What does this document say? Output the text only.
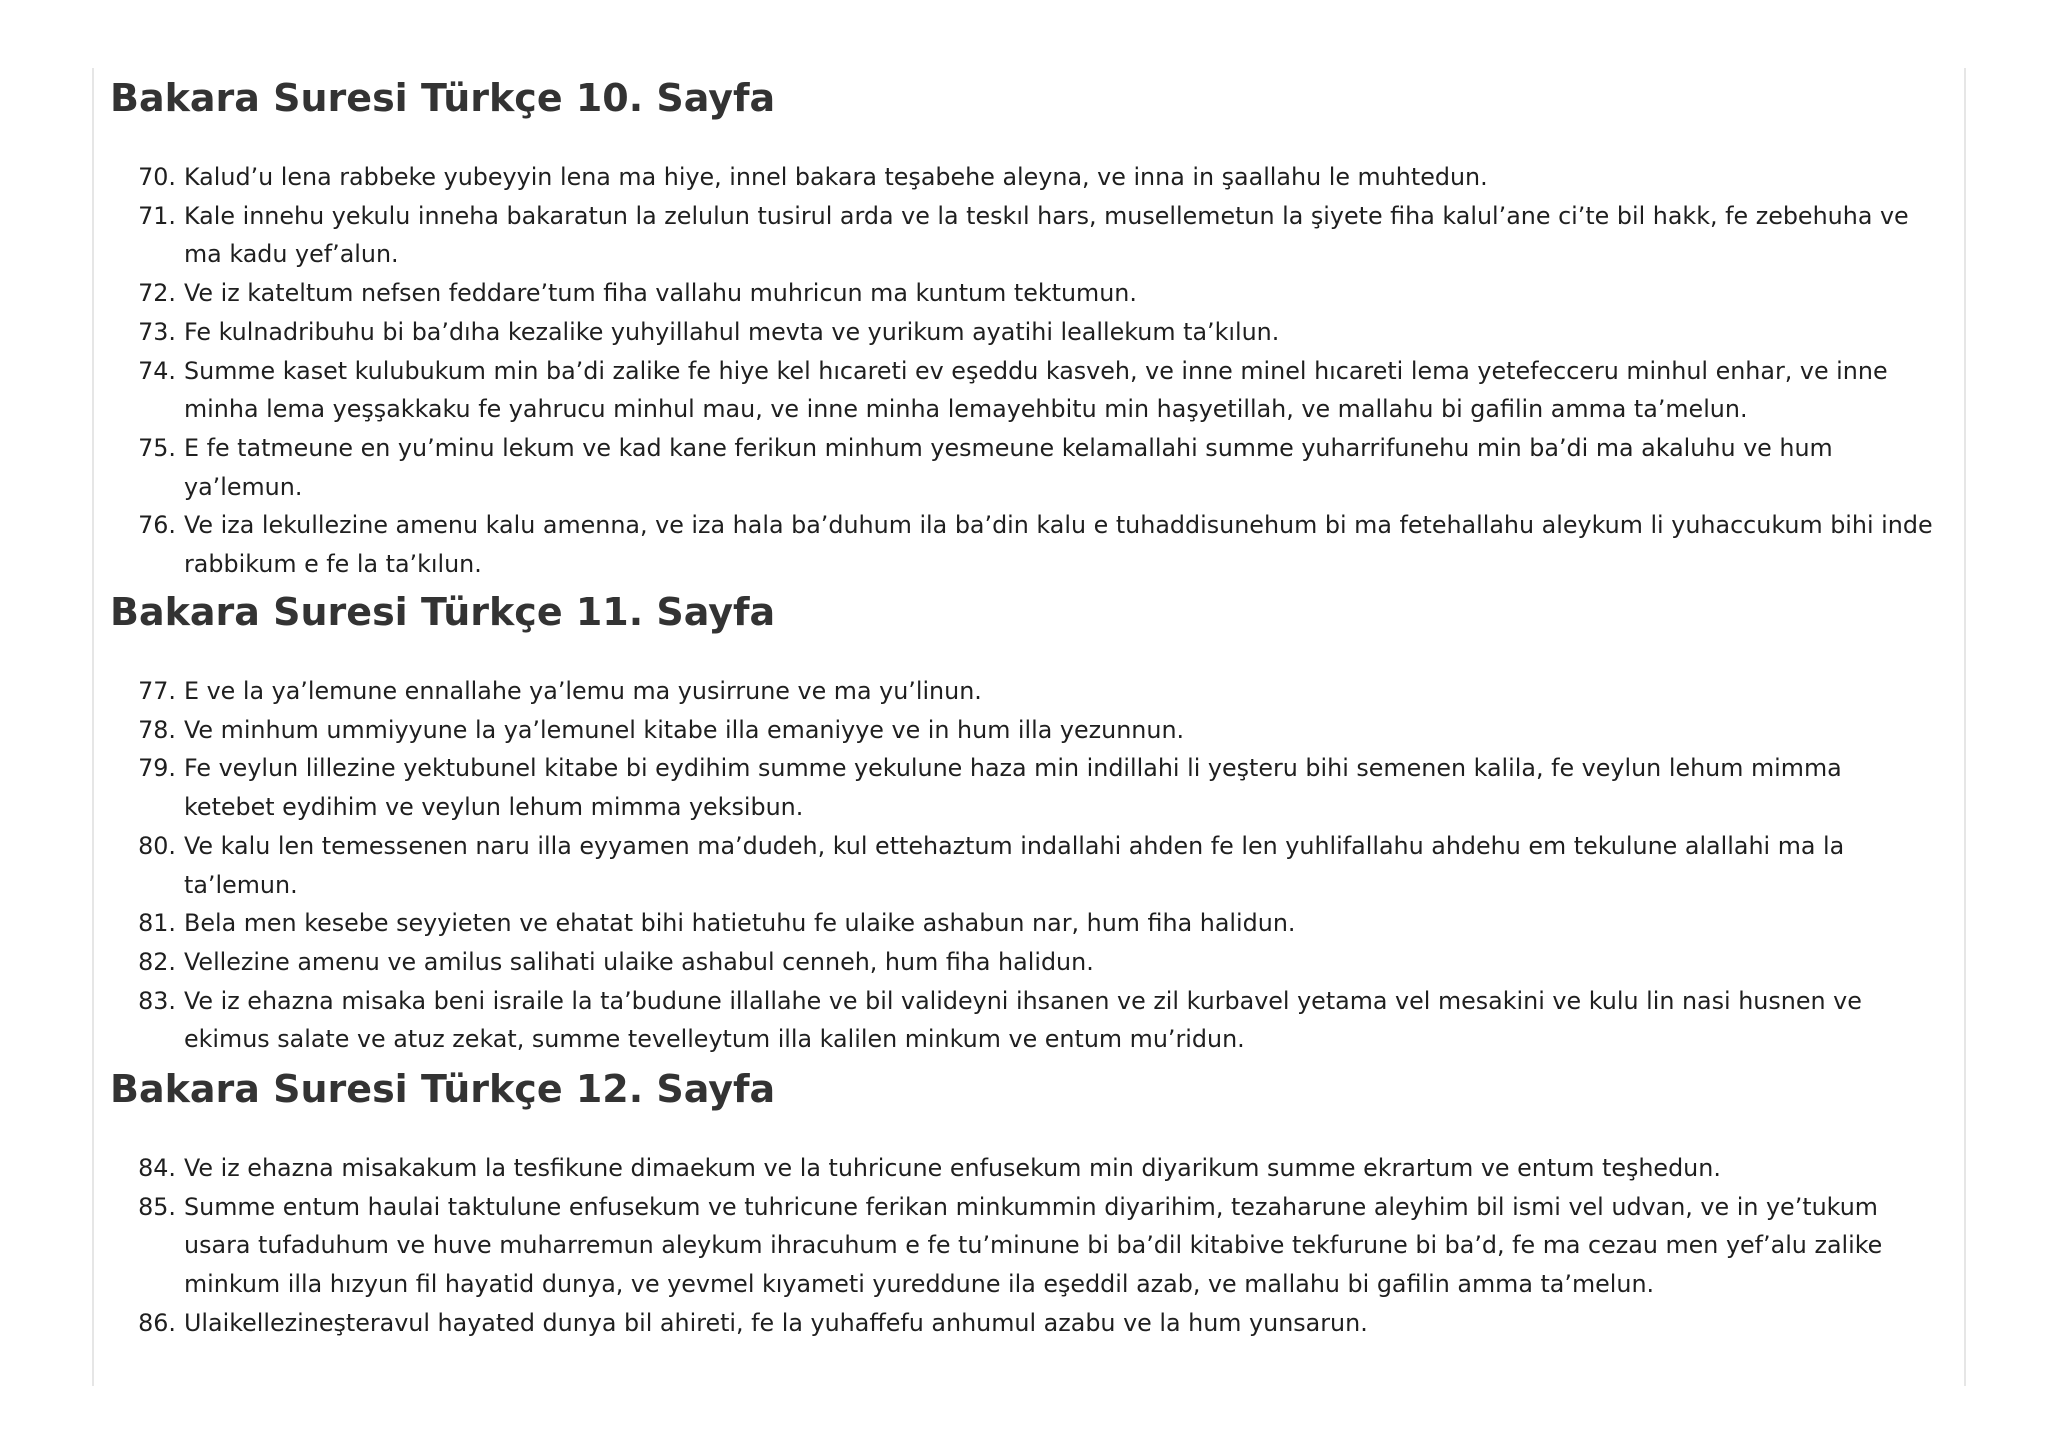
Bakara Suresi Türkçe 10. Sayfa
70. Kalud’u lena rabbeke yubeyyin lena ma hiye, innel bakara teşabehe aleyna, ve inna in şaallahu le muhtedun.
71. Kale innehu yekulu inneha bakaratun la zelulun tusirul arda ve la teskıl hars, musellemetun la şiyete fiha kalul’ane ci’te bil hakk, fe zebehuha ve ma kadu yef’alun.
72. Ve iz kateltum nefsen feddare’tum fiha vallahu muhricun ma kuntum tektumun.
73. Fe kulnadribuhu bi ba’dıha kezalike yuhyillahul mevta ve yurikum ayatihi leallekum ta’kılun.
74. Summe kaset kulubukum min ba’di zalike fe hiye kel hıcareti ev eşeddu kasveh, ve inne minel hıcareti lema yetefecceru minhul enhar, ve inne minha lema yeşşakkaku fe yahrucu minhul mau, ve inne minha lemayehbitu min haşyetillah, ve mallahu bi gafilin amma ta’melun.
75. E fe tatmeune en yu’minu lekum ve kad kane ferikun minhum yesmeune kelamallahi summe yuharrifunehu min ba’di ma akaluhu ve hum ya’lemun.
76. Ve iza lekullezine amenu kalu amenna, ve iza hala ba’duhum ila ba’din kalu e tuhaddisunehum bi ma fetehallahu aleykum li yuhaccukum bihi inde rabbikum e fe la ta’kılun.
Bakara Suresi Türkçe 11. Sayfa
77. E ve la ya’lemune ennallahe ya’lemu ma yusirrune ve ma yu’linun.
78. Ve minhum ummiyyune la ya’lemunel kitabe illa emaniyye ve in hum illa yezunnun.
79. Fe veylun lillezine yektubunel kitabe bi eydihim summe yekulune haza min indillahi li yeşteru bihi semenen kalila, fe veylun lehum mimma ketebet eydihim ve veylun lehum mimma yeksibun.
80. Ve kalu len temessenen naru illa eyyamen ma’dudeh, kul ettehaztum indallahi ahden fe len yuhlifallahu ahdehu em tekulune alallahi ma la ta’lemun.
81. Bela men kesebe seyyieten ve ehatat bihi hatietuhu fe ulaike ashabun nar, hum fiha halidun.
82. Vellezine amenu ve amilus salihati ulaike ashabul cenneh, hum fiha halidun.
83. Ve iz ehazna misaka beni israile la ta’budune illallahe ve bil valideyni ihsanen ve zil kurbavel yetama vel mesakini ve kulu lin nasi husnen ve ekimus salate ve atuz zekat, summe tevelleytum illa kalilen minkum ve entum mu’ridun.
Bakara Suresi Türkçe 12. Sayfa
84. Ve iz ehazna misakakum la tesfikune dimaekum ve la tuhricune enfusekum min diyarikum summe ekrartum ve entum teşhedun.
85. Summe entum haulai taktulune enfusekum ve tuhricune ferikan minkummin diyarihim, tezaharune aleyhim bil ismi vel udvan, ve in ye’tukum usara tufaduhum ve huve muharremun aleykum ihracuhum e fe tu’minune bi ba’dil kitabive tekfurune bi ba’d, fe ma cezau men yef’alu zalike minkum illa hızyun fil hayatid dunya, ve yevmel kıyameti yureddune ila eşeddil azab, ve mallahu bi gafilin amma ta’melun.
86. Ulaikellezineşteravul hayated dunya bil ahireti, fe la yuhaffefu anhumul azabu ve la hum yunsarun.
